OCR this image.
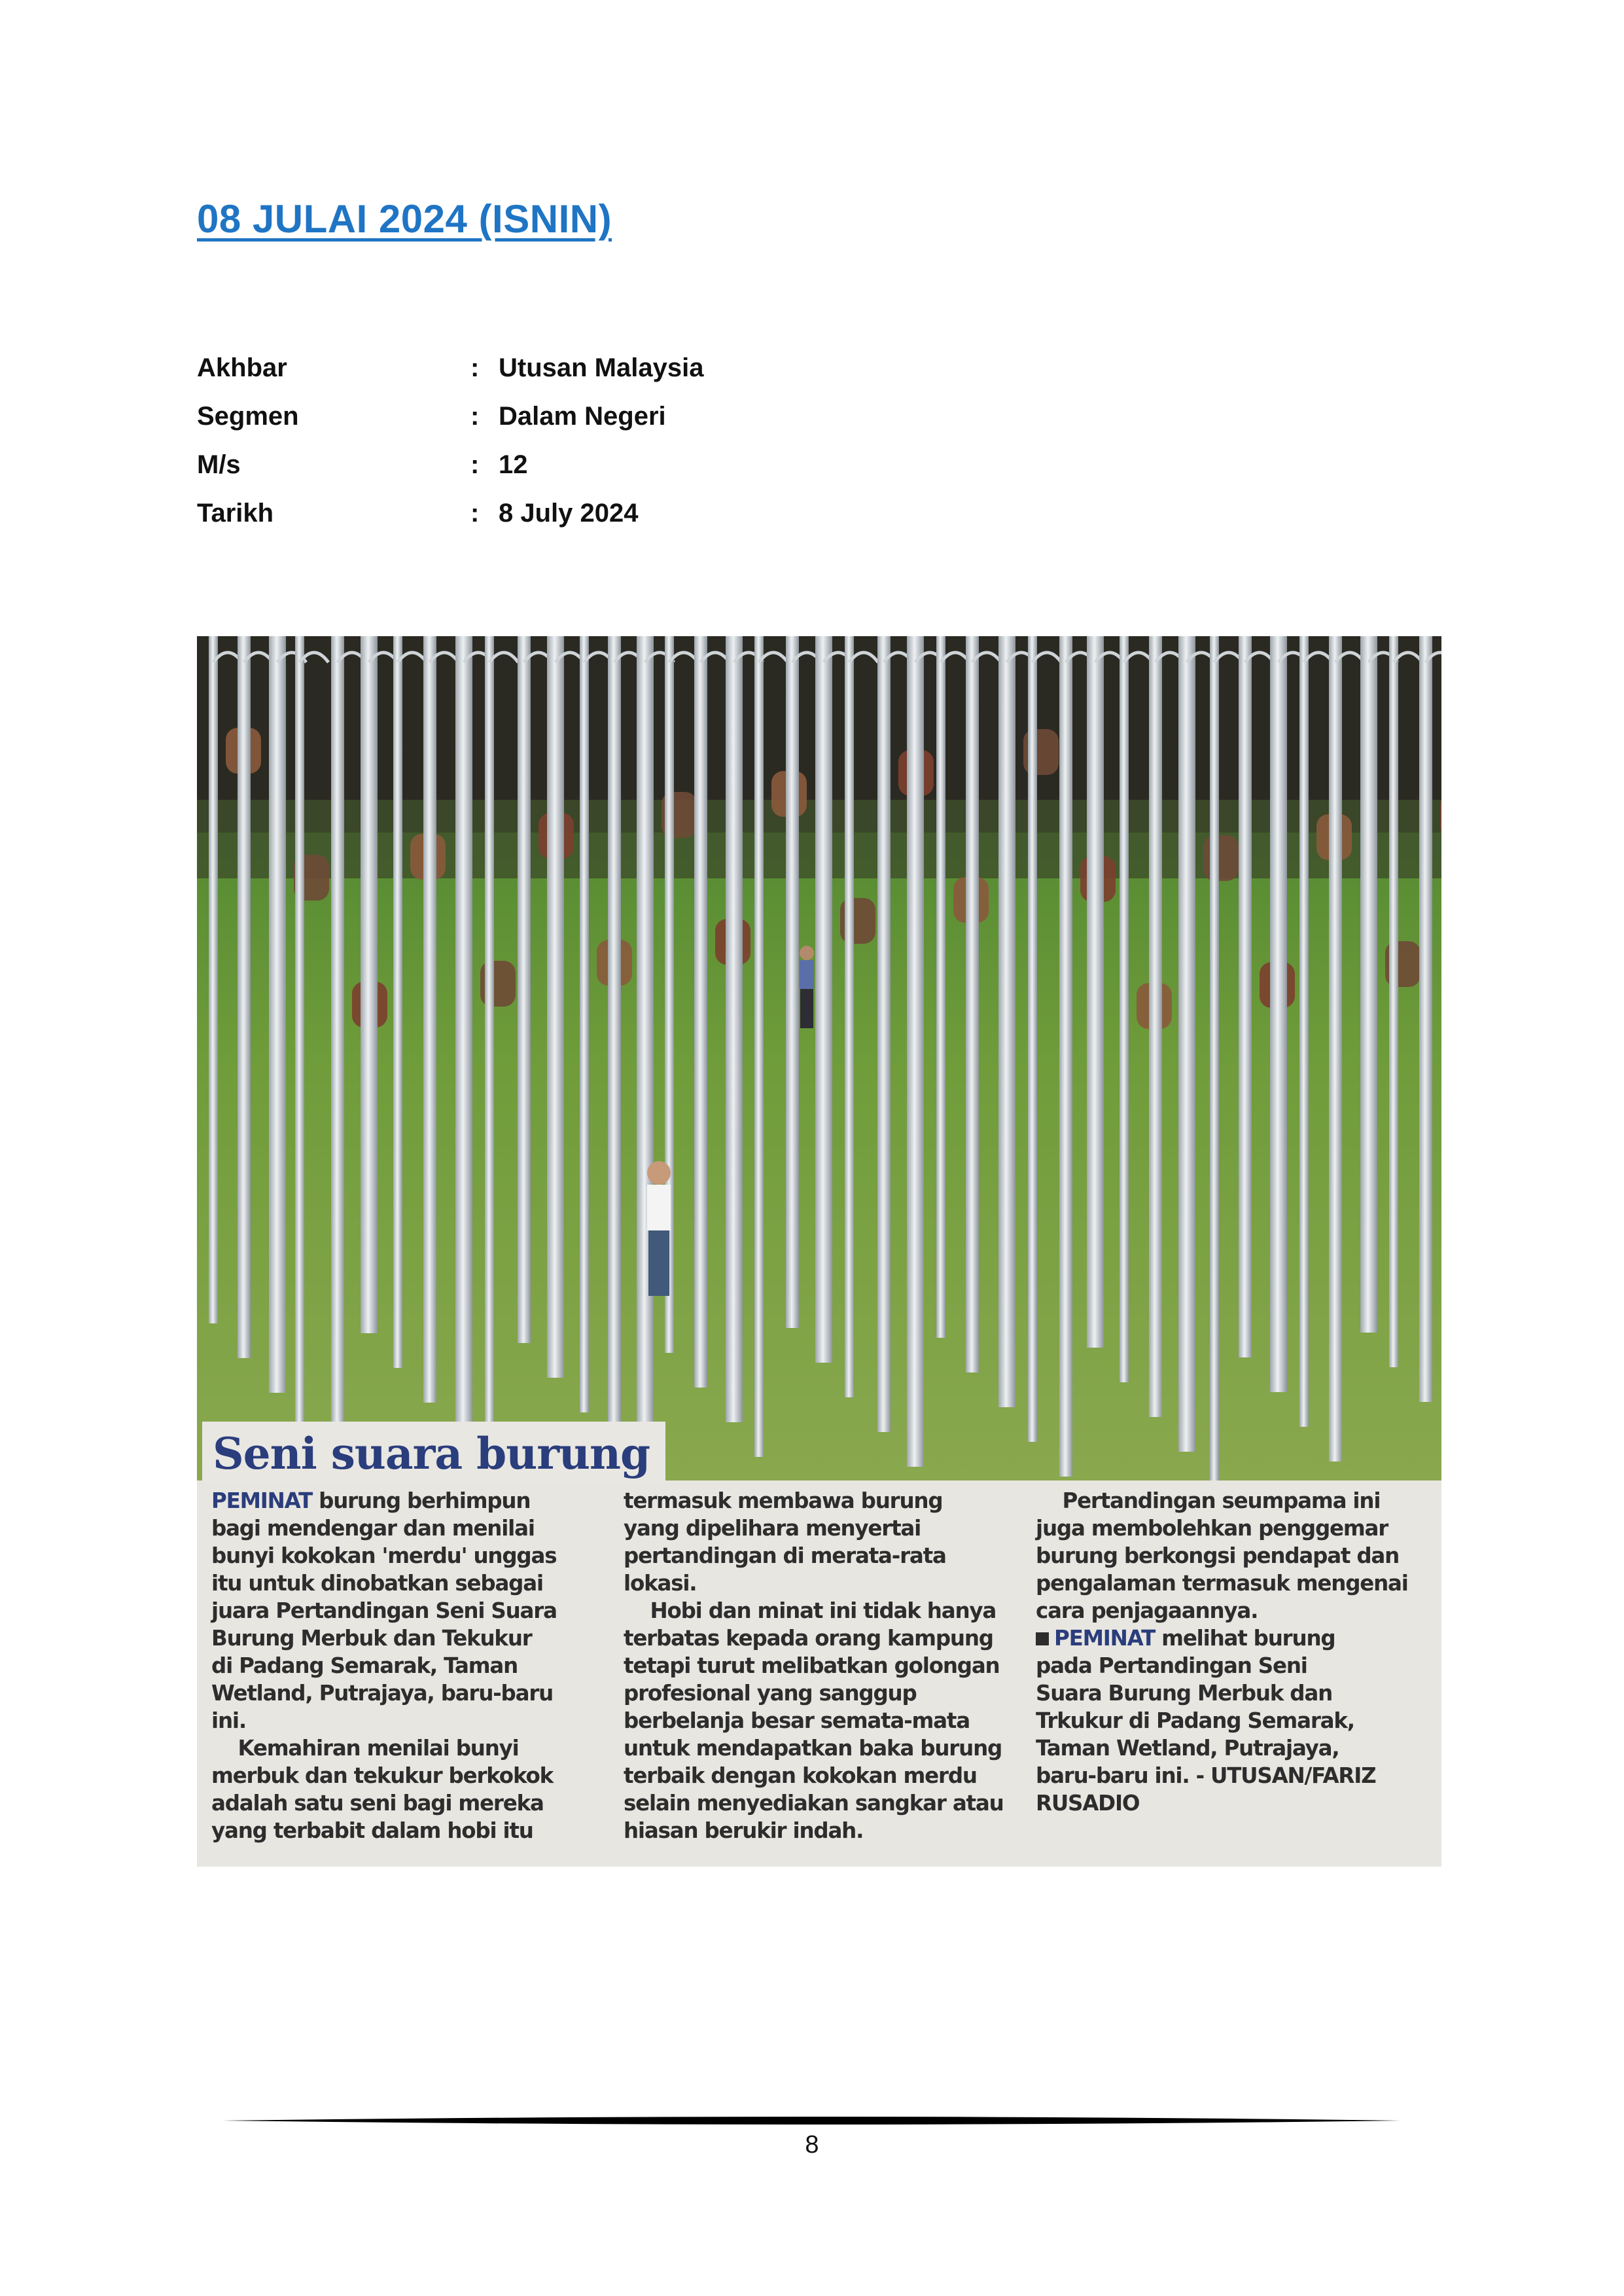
08 JULAI 2024 (ISNIN)
Akhbar	: Utusan Malaysia
Segmen	: Dalam Negeri
M/s	: 12
Tarikh	: 8 July 2024
Seni suara burung

PEMINAT burung berhimpun

bagi mendengar dan menilai

bunyi kokokan 'merdu' unggas

itu untuk dinobatkan sebagai

juara Pertandingan Seni Suara

Burung Merbuk dan Tekukur

di Padang Semarak, Taman

Wetland, Putrajaya, baru-baru

ini.

Kemahiran menilai bunyi

merbuk dan tekukur berkokok

adalah satu seni bagi mereka

yang terbabit dalam hobi itu

termasuk membawa burung

yang dipelihara menyertai

pertandingan di merata-rata

lokasi.

Hobi dan minat ini tidak hanya

terbatas kepada orang kampung

tetapi turut melibatkan golongan

profesional yang sanggup

berbelanja besar semata-mata

untuk mendapatkan baka burung

terbaik dengan kokokan merdu

selain menyediakan sangkar atau

hiasan berukir indah.

Pertandingan seumpama ini

juga membolehkan penggemar

burung berkongsi pendapat dan

pengalaman termasuk mengenai

cara penjagaannya.

PEMINAT melihat burung

pada Pertandingan Seni

Suara Burung Merbuk dan

Trkukur di Padang Semarak,

Taman Wetland, Putrajaya,

baru-baru ini. - UTUSAN/FARIZ

RUSADIO

8
